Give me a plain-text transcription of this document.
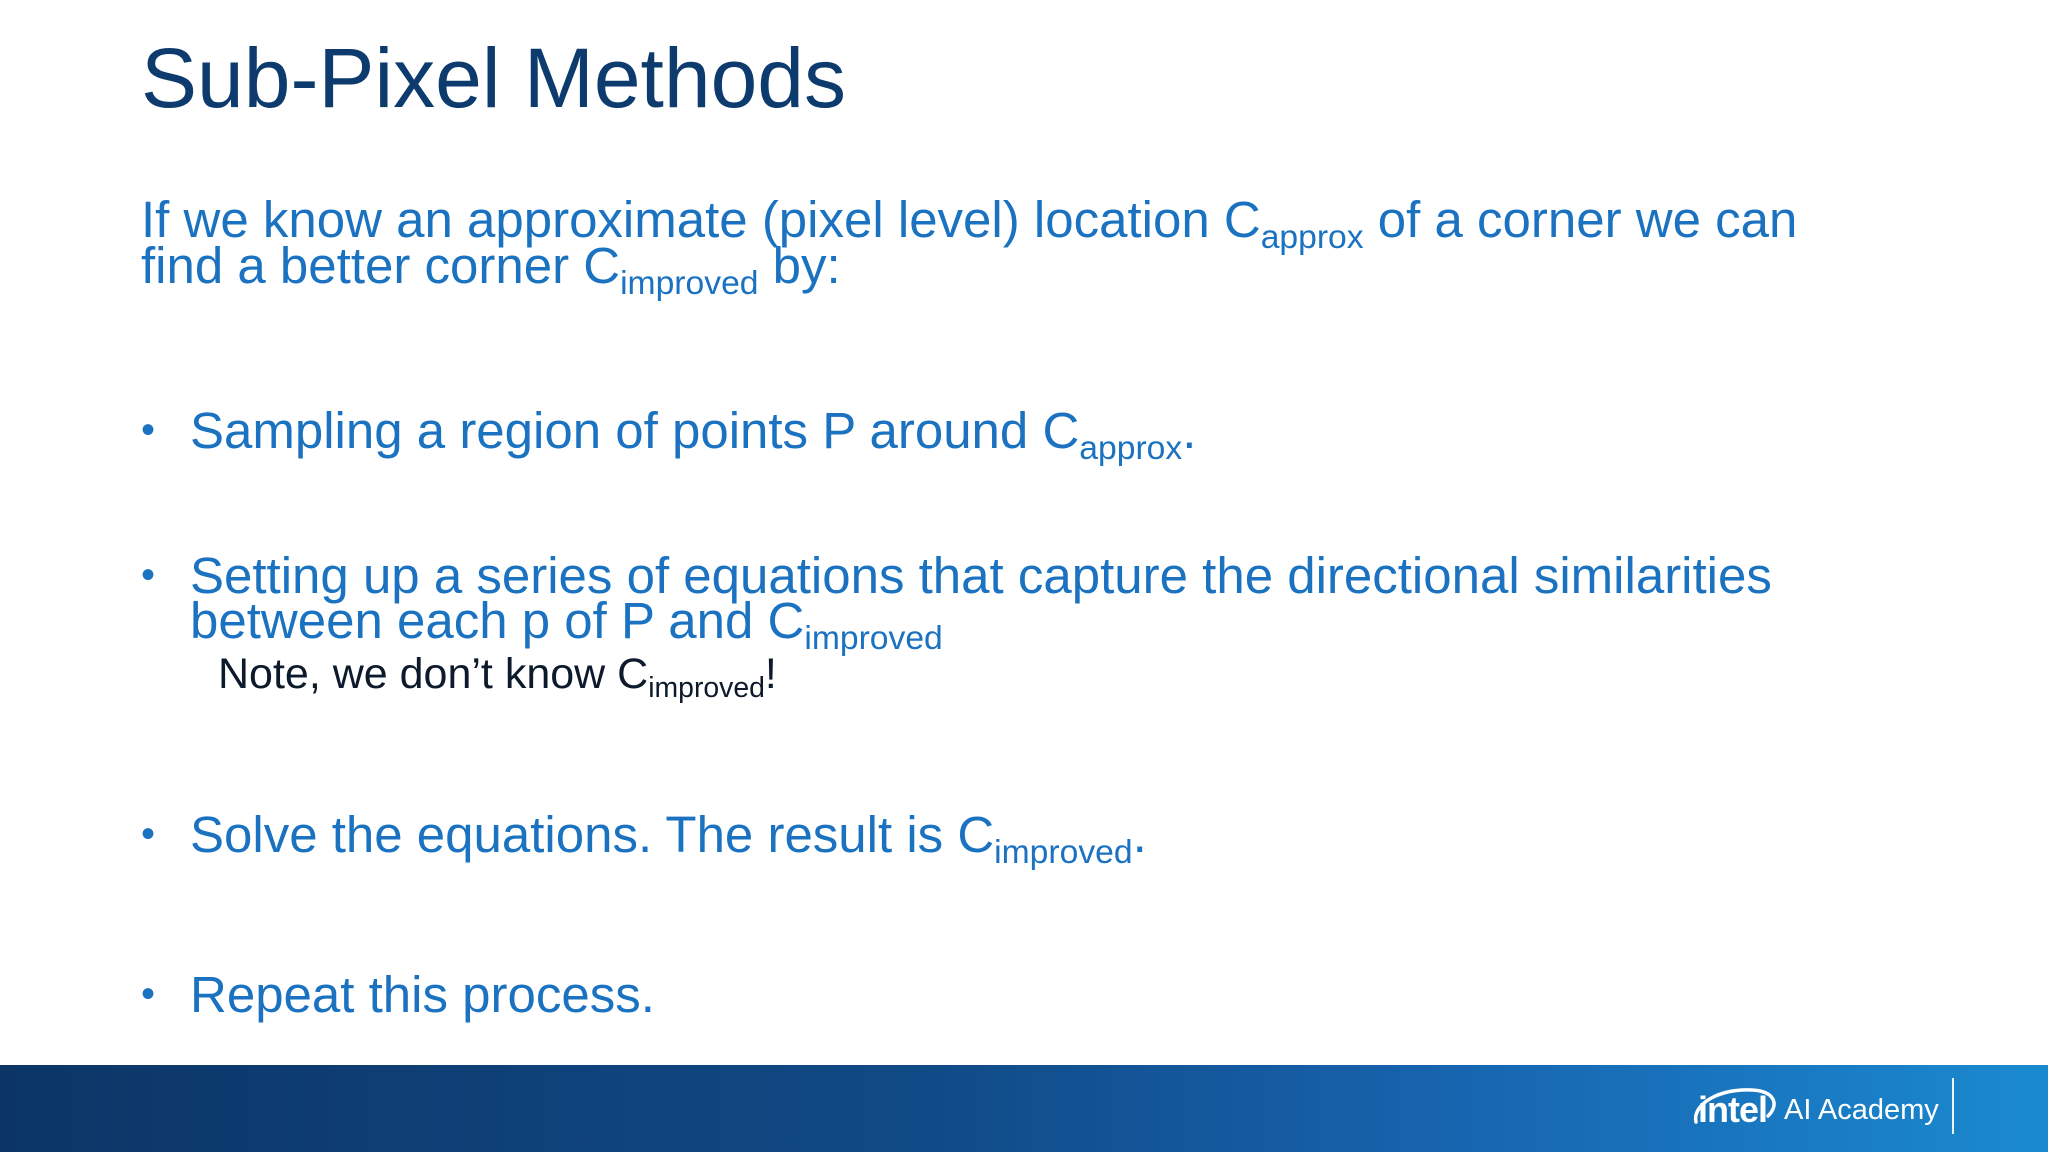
Sub-Pixel Methods
If we know an approximate (pixel level) location $C_{approx}$ of a corner we can
find a better corner $C_{improved}$ by:
• Sampling a region of points P around $C_{approx}$.
• Setting up a series of equations that capture the directional similarities
between each p of P and $C_{improved}$
Note, we don’t know $C_{improved}$!
• Solve the equations. The result is $C_{improved}$.
• Repeat this process.
intel AI Academy
